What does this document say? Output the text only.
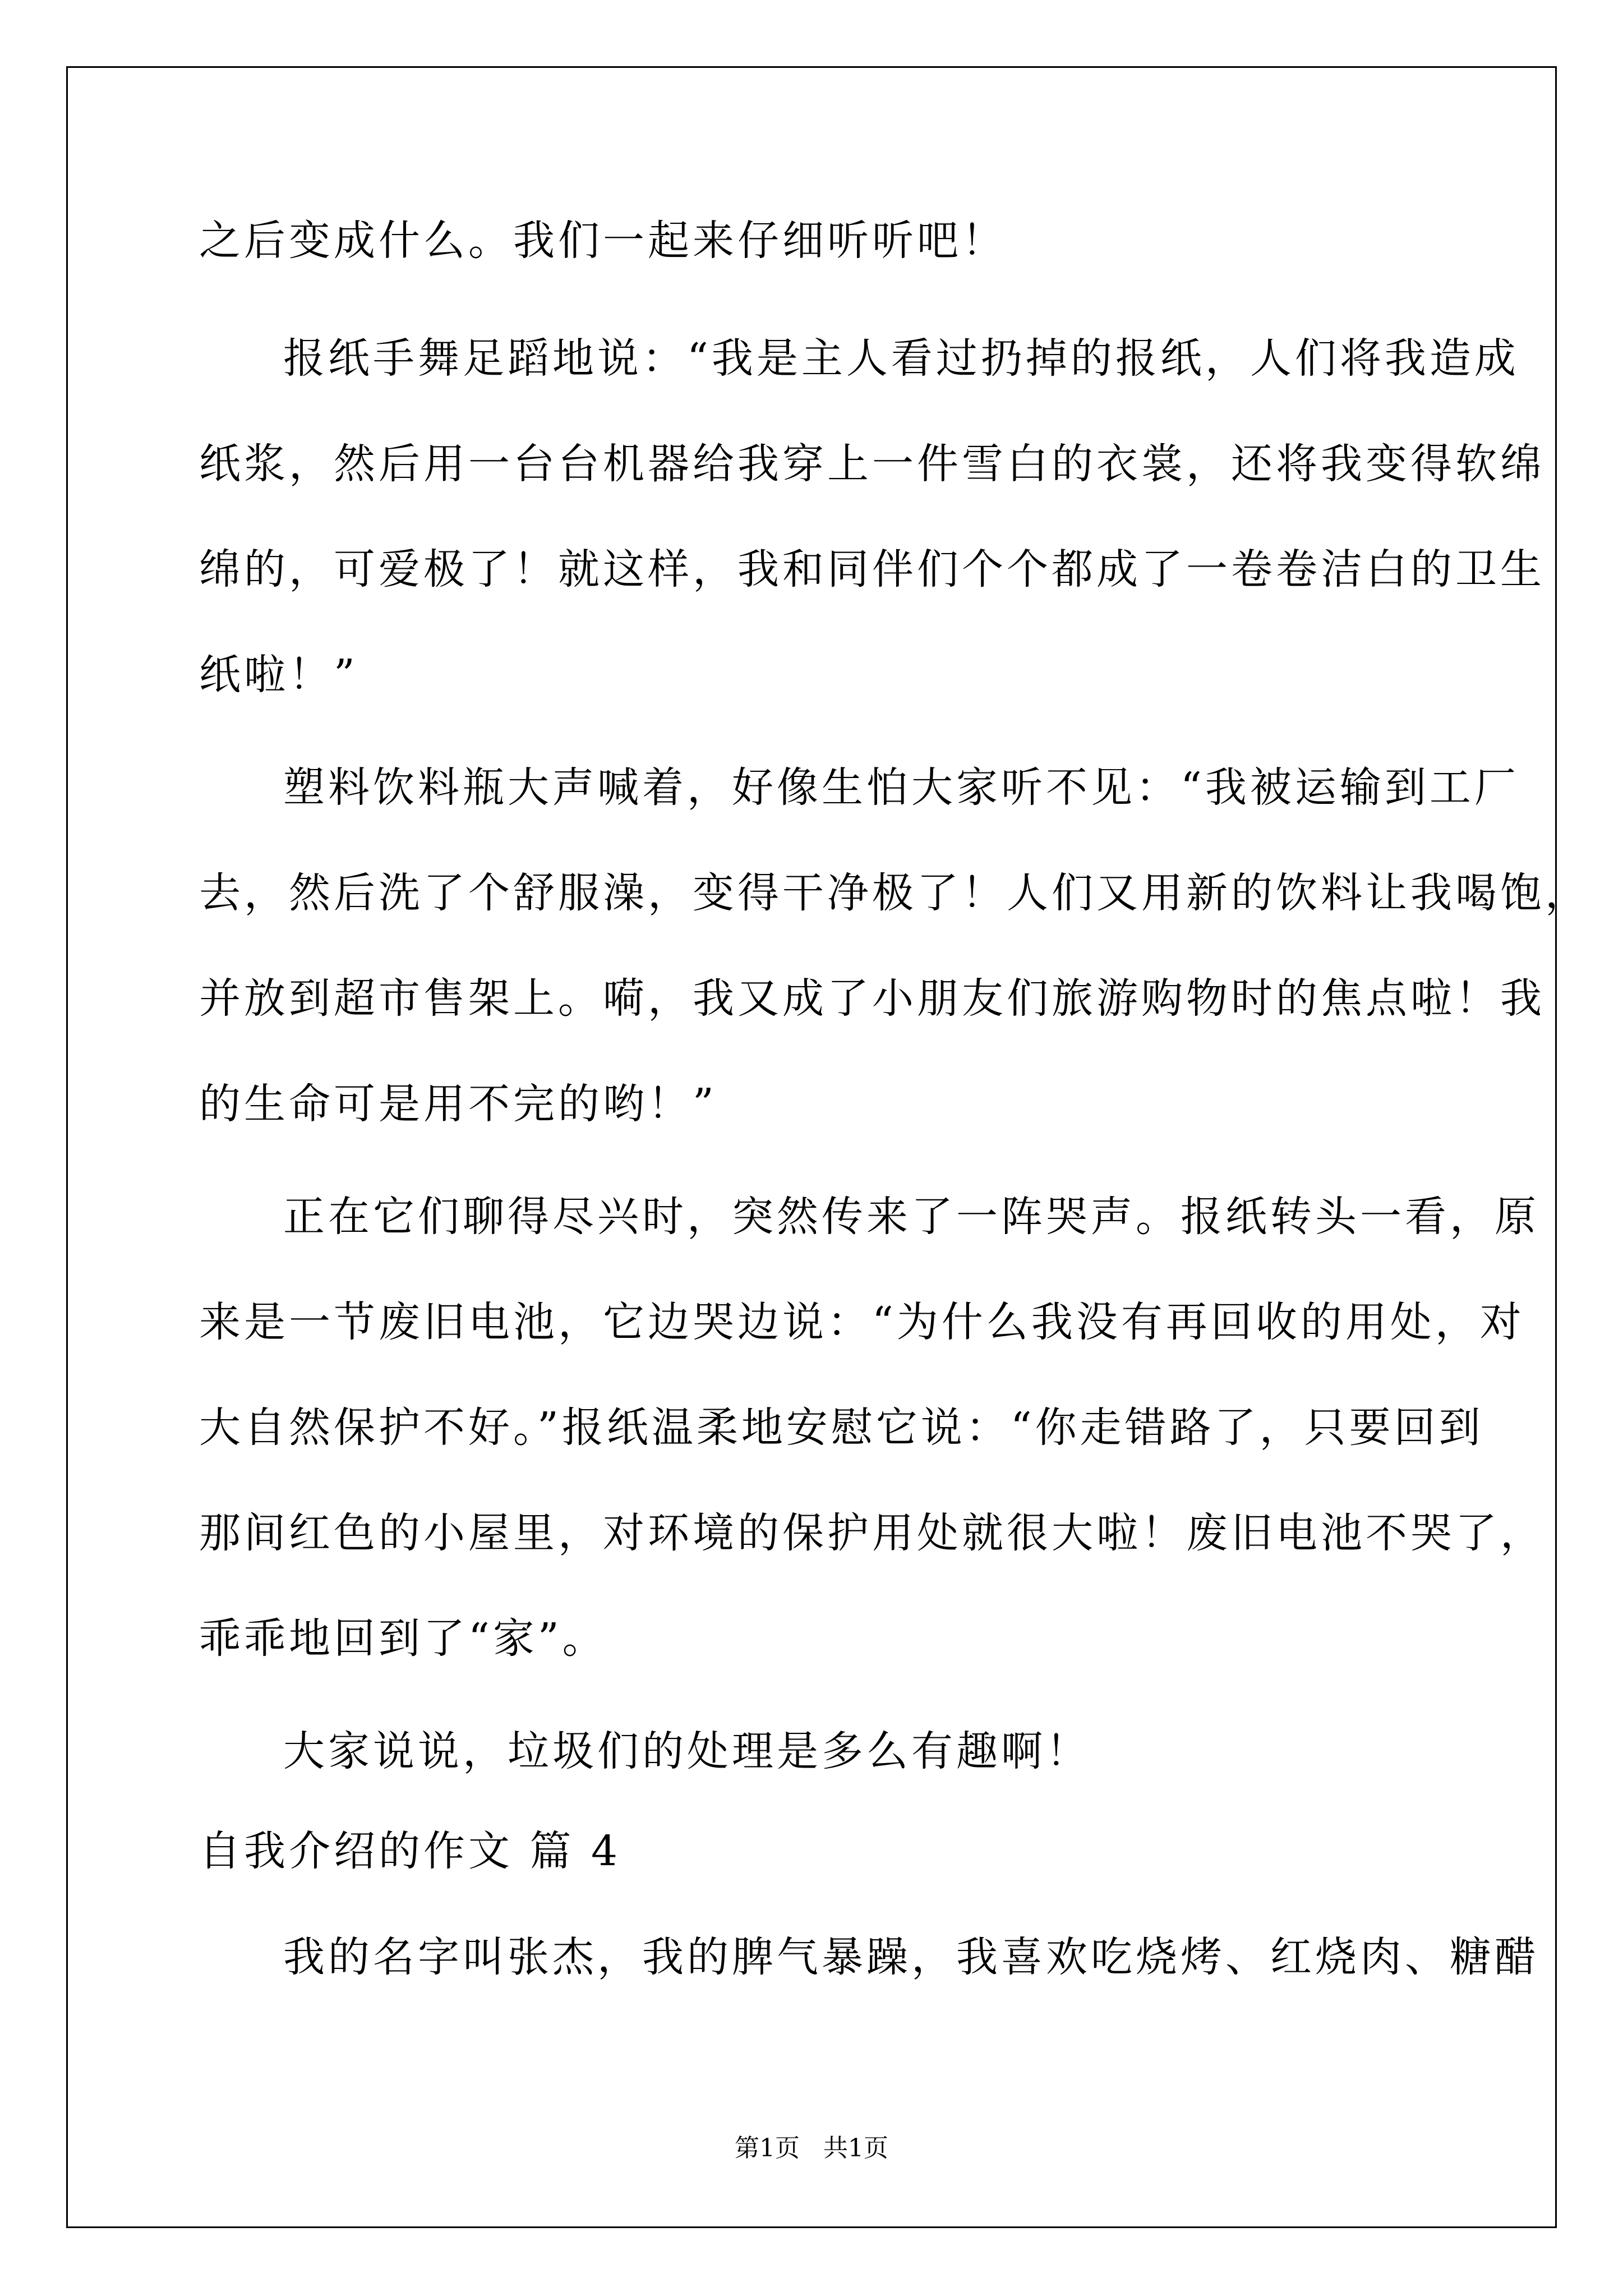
之后变成什么。我们一起来仔细听听吧！
报纸手舞足蹈地说：“我是主人看过扔掉的报纸，人们将我造成
纸浆，然后用一台台机器给我穿上一件雪白的衣裳，还将我变得软绵
绵的，可爱极了！就这样，我和同伴们个个都成了一卷卷洁白的卫生
纸啦！”
塑料饮料瓶大声喊着，好像生怕大家听不见：“我被运输到工厂
去，然后洗了个舒服澡，变得干净极了！人们又用新的饮料让我喝饱，
并放到超市售架上。嗬，我又成了小朋友们旅游购物时的焦点啦！我
的生命可是用不完的哟！”
正在它们聊得尽兴时，突然传来了一阵哭声。报纸转头一看，原
来是一节废旧电池，它边哭边说：“为什么我没有再回收的用处，对
大自然保护不好。”报纸温柔地安慰它说：“你走错路了，只要回到
那间红色的小屋里，对环境的保护用处就很大啦！废旧电池不哭了，
乖乖地回到了“家”。
大家说说，垃圾们的处理是多么有趣啊！
自我介绍的作文 篇 4
我的名字叫张杰，我的脾气暴躁，我喜欢吃烧烤、红烧肉、糖醋
第1页 共1页
